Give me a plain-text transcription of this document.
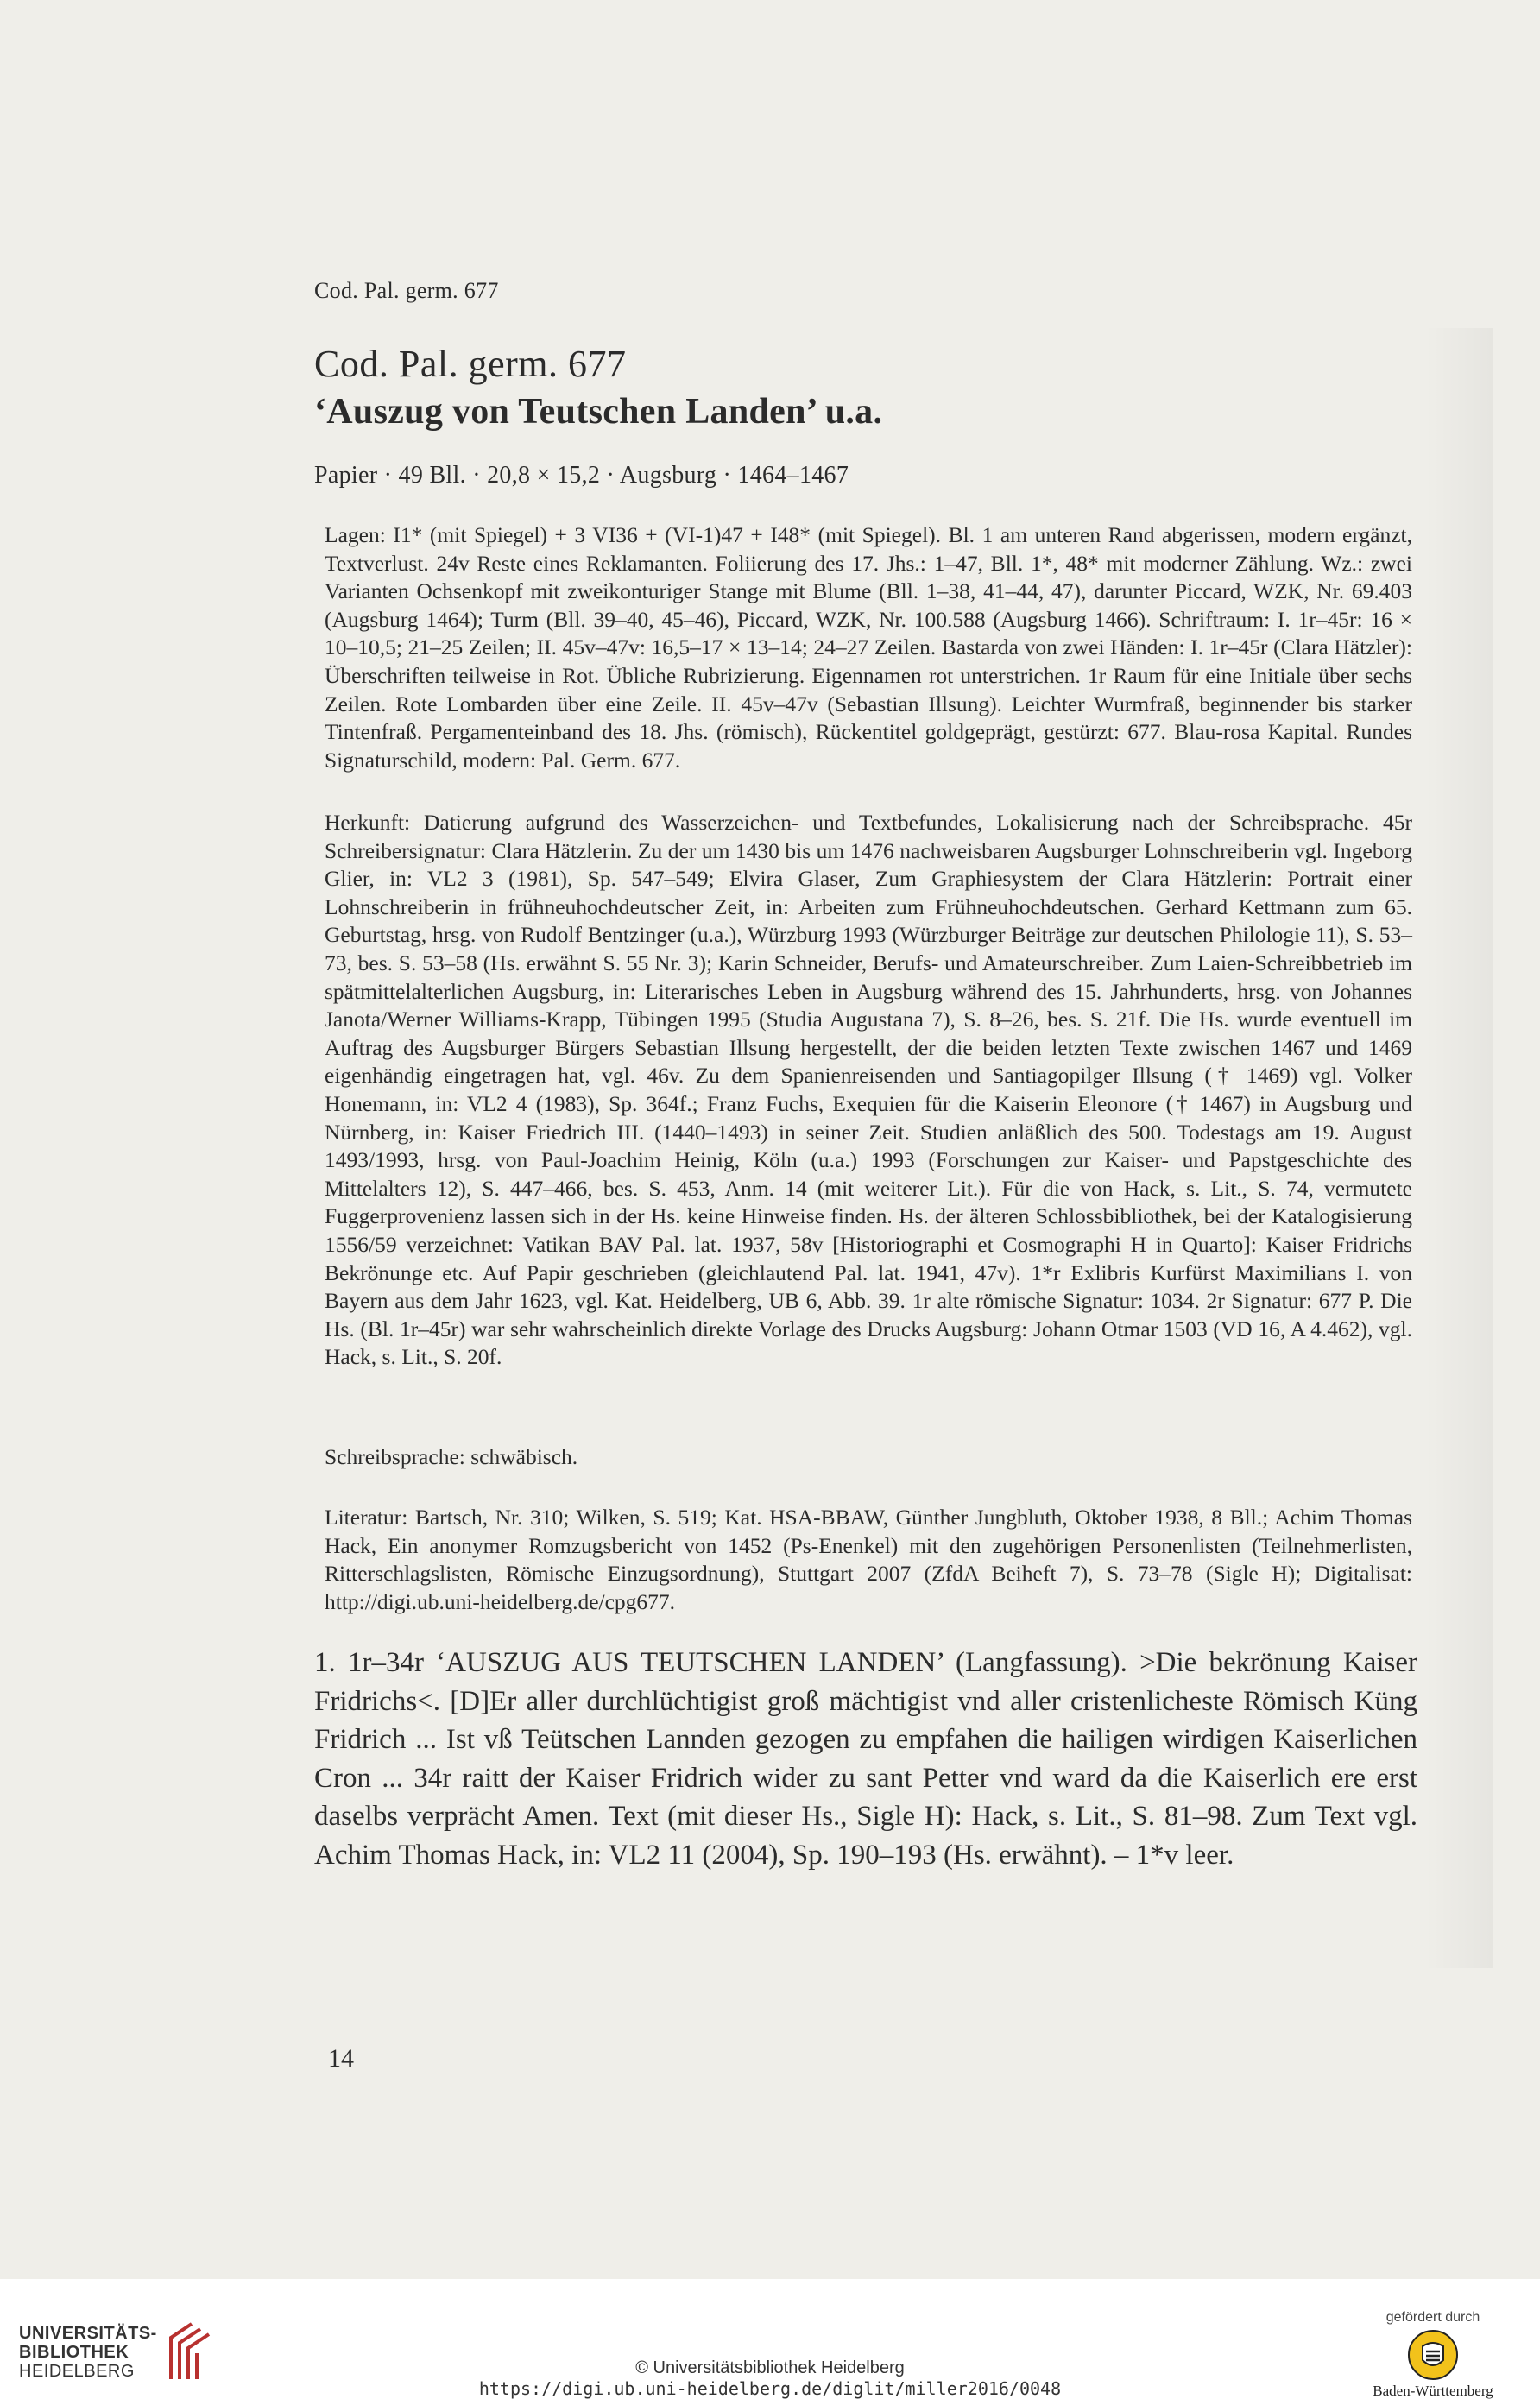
Cod. Pal. germ. 677
Cod. Pal. germ. 677
‘Auszug von Teutschen Landen’ u.a.
Papier · 49 Bll. · 20,8 × 15,2 · Augsburg · 1464–1467
Lagen: I1* (mit Spiegel) + 3 VI36 + (VI-1)47 + I48* (mit Spiegel). Bl. 1 am unteren Rand abgerissen, modern ergänzt, Textverlust. 24v Reste eines Reklamanten. Foliierung des 17. Jhs.: 1–47, Bll. 1*, 48* mit moderner Zählung. Wz.: zwei Varianten Ochsenkopf mit zweikonturiger Stange mit Blume (Bll. 1–38, 41–44, 47), darunter Piccard, WZK, Nr. 69.403 (Augsburg 1464); Turm (Bll. 39–40, 45–46), Piccard, WZK, Nr. 100.588 (Augsburg 1466). Schriftraum: I. 1r–45r: 16 × 10–10,5; 21–25 Zeilen; II. 45v–47v: 16,5–17 × 13–14; 24–27 Zeilen. Bastarda von zwei Händen: I. 1r–45r (Clara Hätzler): Überschriften teilweise in Rot. Übliche Rubrizierung. Eigennamen rot unterstrichen. 1r Raum für eine Initiale über sechs Zeilen. Rote Lombarden über eine Zeile. II. 45v–47v (Sebastian Illsung). Leichter Wurmfraß, beginnender bis starker Tintenfraß. Pergamenteinband des 18. Jhs. (römisch), Rückentitel goldgeprägt, gestürzt: 677. Blau-rosa Kapital. Rundes Signaturschild, modern: Pal. Germ. 677.
Herkunft: Datierung aufgrund des Wasserzeichen- und Textbefundes, Lokalisierung nach der Schreibsprache. 45r Schreibersignatur: Clara Hätzlerin. Zu der um 1430 bis um 1476 nachweisbaren Augsburger Lohnschreiberin vgl. Ingeborg Glier, in: VL2 3 (1981), Sp. 547–549; Elvira Glaser, Zum Graphiesystem der Clara Hätzlerin: Portrait einer Lohnschreiberin in frühneuhochdeutscher Zeit, in: Arbeiten zum Frühneuhochdeutschen. Gerhard Kettmann zum 65. Geburtstag, hrsg. von Rudolf Bentzinger (u.a.), Würzburg 1993 (Würzburger Beiträge zur deutschen Philologie 11), S. 53–73, bes. S. 53–58 (Hs. erwähnt S. 55 Nr. 3); Karin Schneider, Berufs- und Amateurschreiber. Zum Laien-Schreibbetrieb im spätmittelalterlichen Augsburg, in: Literarisches Leben in Augsburg während des 15. Jahrhunderts, hrsg. von Johannes Janota/Werner Williams-Krapp, Tübingen 1995 (Studia Augustana 7), S. 8–26, bes. S. 21f. Die Hs. wurde eventuell im Auftrag des Augsburger Bürgers Sebastian Illsung hergestellt, der die beiden letzten Texte zwischen 1467 und 1469 eigenhändig eingetragen hat, vgl. 46v. Zu dem Spanienreisenden und Santiagopilger Illsung († 1469) vgl. Volker Honemann, in: VL2 4 (1983), Sp. 364f.; Franz Fuchs, Exequien für die Kaiserin Eleonore († 1467) in Augsburg und Nürnberg, in: Kaiser Friedrich III. (1440–1493) in seiner Zeit. Studien anläßlich des 500. Todestags am 19. August 1493/1993, hrsg. von Paul-Joachim Heinig, Köln (u.a.) 1993 (Forschungen zur Kaiser- und Papstgeschichte des Mittelalters 12), S. 447–466, bes. S. 453, Anm. 14 (mit weiterer Lit.). Für die von Hack, s. Lit., S. 74, vermutete Fuggerprovenienz lassen sich in der Hs. keine Hinweise finden. Hs. der älteren Schlossbibliothek, bei der Katalogisierung 1556/59 verzeichnet: Vatikan BAV Pal. lat. 1937, 58v [Historiographi et Cosmographi H in Quarto]: Kaiser Fridrichs Bekrönunge etc. Auf Papir geschrieben (gleichlautend Pal. lat. 1941, 47v). 1*r Exlibris Kurfürst Maximilians I. von Bayern aus dem Jahr 1623, vgl. Kat. Heidelberg, UB 6, Abb. 39. 1r alte römische Signatur: 1034. 2r Signatur: 677 P. Die Hs. (Bl. 1r–45r) war sehr wahrscheinlich direkte Vorlage des Drucks Augsburg: Johann Otmar 1503 (VD 16, A 4.462), vgl. Hack, s. Lit., S. 20f.
Schreibsprache: schwäbisch.
Literatur: Bartsch, Nr. 310; Wilken, S. 519; Kat. HSA-BBAW, Günther Jungbluth, Oktober 1938, 8 Bll.; Achim Thomas Hack, Ein anonymer Romzugsbericht von 1452 (Ps-Enenkel) mit den zugehörigen Personenlisten (Teilnehmerlisten, Ritterschlagslisten, Römische Einzugsordnung), Stuttgart 2007 (ZfdA Beiheft 7), S. 73–78 (Sigle H); Digitalisat: http://digi.ub.uni-heidelberg.de/cpg677.
1. 1r–34r ‘AUSZUG AUS TEUTSCHEN LANDEN’ (Langfassung). >Die bekrönung Kaiser Fridrichs<. [D]Er aller durchlüchtigist groß mächtigist vnd aller cristenlicheste Römisch Küng Fridrich ... Ist vß Teütschen Lannden gezogen zu empfahen die hailigen wirdigen Kaiserlichen Cron ... 34r raitt der Kaiser Fridrich wider zu sant Petter vnd ward da die Kaiserlich ere erst daselbs verprächt Amen. Text (mit dieser Hs., Sigle H): Hack, s. Lit., S. 81–98. Zum Text vgl. Achim Thomas Hack, in: VL2 11 (2004), Sp. 190–193 (Hs. erwähnt). – 1*v leer.
14
UNIVERSITÄTS-
BIBLIOTHEK
HEIDELBERG	© Universitätsbibliothek Heidelberg
https://digi.ub.uni-heidelberg.de/diglit/miller2016/0048
gefördert durch
Baden-Württemberg
